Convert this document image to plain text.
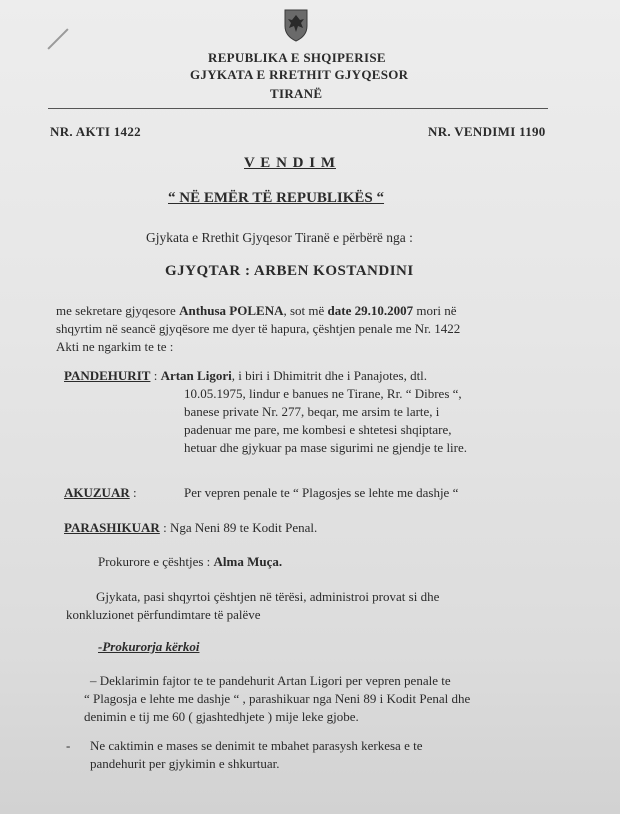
REPUBLIKA E SHQIPERISE
GJYKATA E RRETHIT GJYQESOR
TIRANË
NR. AKTI 1422	NR. VENDIMI 1190
V E N D I M
“ NË EMËR TË REPUBLIKËS “
Gjykata e Rrethit Gjyqesor Tiranë e përbërë nga :
GJYQTAR : ARBEN KOSTANDINI
me sekretare gjyqesore Anthusa POLENA, sot më date 29.10.2007 mori në
shqyrtim në seancë gjyqësore me dyer të hapura, çështjen penale me Nr. 1422
Akti ne ngarkim te te :
PANDEHURIT : Artan Ligori, i biri i Dhimitrit dhe i Panajotes, dtl.
10.05.1975, lindur e banues ne Tirane, Rr. “ Dibres “,
banese private Nr. 277, beqar, me arsim te larte, i
padenuar me pare, me kombesi e shtetesi shqiptare,
hetuar dhe gjykuar pa mase sigurimi ne gjendje te lire.
AKUZUAR :	Per vepren penale te “ Plagosjes se lehte me dashje “
PARASHIKUAR : Nga Neni 89 te Kodit Penal.
Prokurore e çështjes : Alma Muça.
Gjykata, pasi shqyrtoi çështjen në tërësi, administroi provat si dhe
konkluzionet përfundimtare të palëve
-Prokurorja kërkoi
– Deklarimin fajtor te te pandehurit Artan Ligori per vepren penale te
“ Plagosja e lehte me dashje “ , parashikuar nga Neni 89 i Kodit Penal dhe
denimin e tij me 60 ( gjashtedhjete ) mije leke gjobe.
- Ne caktimin e mases se denimit te mbahet parasysh kerkesa e te
pandehurit per gjykimin e shkurtuar.
